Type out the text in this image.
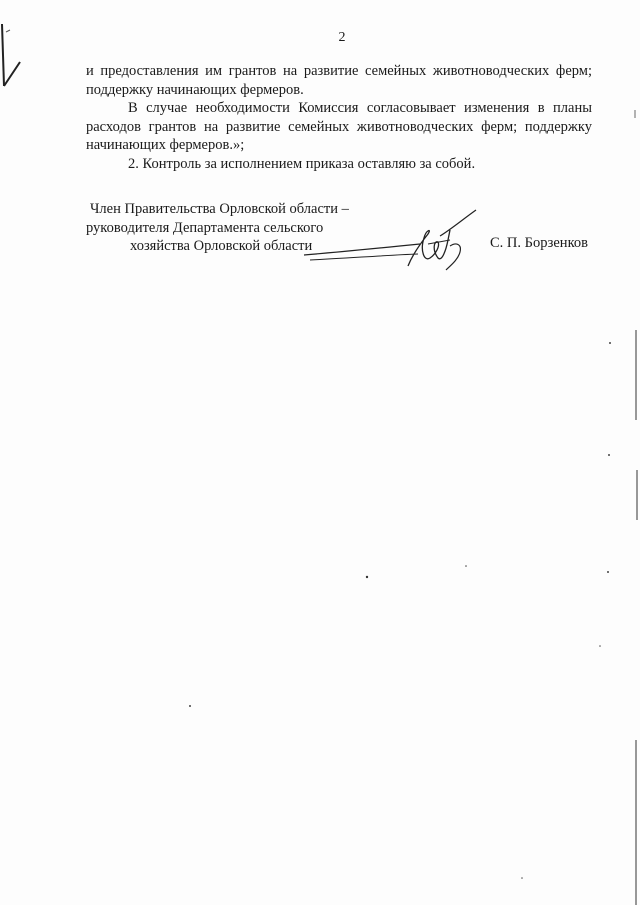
2

и предоставления им грантов на развитие семейных животноводческих ферм; поддержку начинающих фермеров.

В случае необходимости Комиссия согласовывает изменения в планы расходов грантов на развитие семейных животноводческих ферм; поддержку начинающих фермеров.»;

2. Контроль за исполнением приказа оставляю за собой.

Член Правительства Орловской области –
руководителя Департамента сельского
хозяйства Орловской области	С. П. Борзенков
